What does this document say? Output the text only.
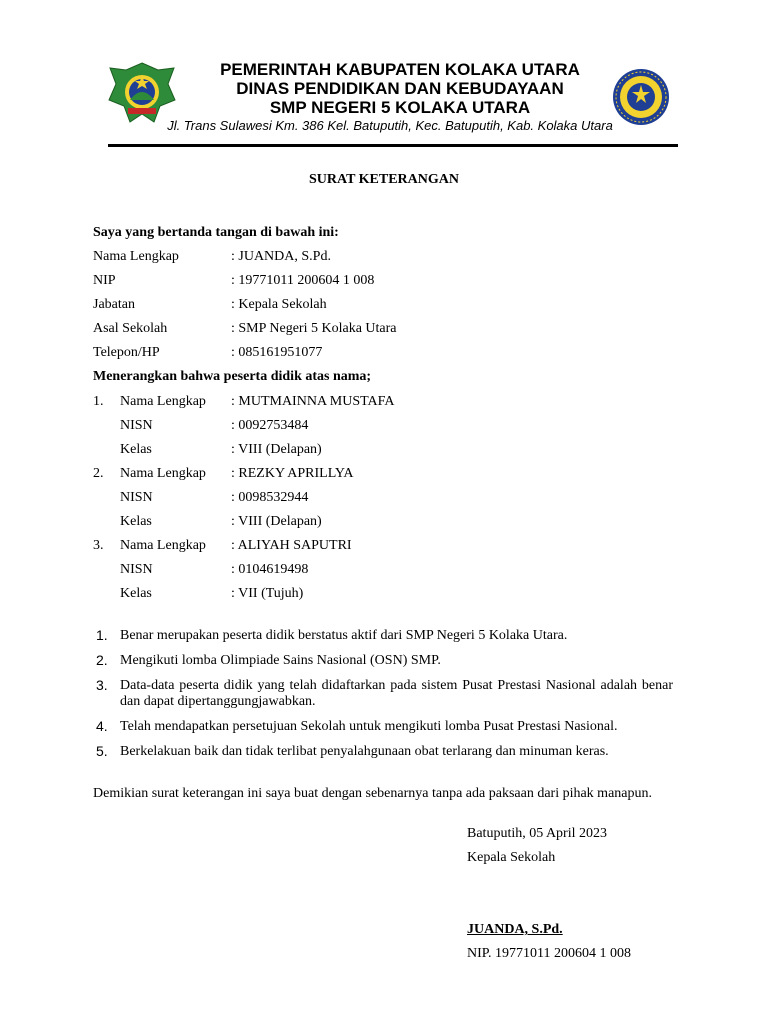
PEMERINTAH KABUPATEN KOLAKA UTARA
DINAS PENDIDIKAN DAN KEBUDAYAAN
SMP NEGERI 5 KOLAKA UTARA
Jl. Trans Sulawesi Km. 386 Kel. Batuputih, Kec. Batuputih, Kab. Kolaka Utara
SURAT KETERANGAN
Saya yang bertanda tangan di bawah ini:
Nama Lengkap	: JUANDA, S.Pd.
NIP	: 19771011 200604 1 008
Jabatan	: Kepala Sekolah
Asal Sekolah	: SMP Negeri 5 Kolaka Utara
Telepon/HP	: 085161951077
Menerangkan bahwa peserta didik atas nama;
1. Nama Lengkap : MUTMAINNA MUSTAFA
NISN	: 0092753484
Kelas	: VIII (Delapan)
2. Nama Lengkap : REZKY APRILLYA
NISN	: 0098532944
Kelas	: VIII (Delapan)
3. Nama Lengkap : ALIYAH SAPUTRI
NISN	: 0104619498
Kelas	: VII (Tujuh)
1. Benar merupakan peserta didik berstatus aktif dari SMP Negeri 5 Kolaka Utara.
2. Mengikuti lomba Olimpiade Sains Nasional (OSN) SMP.
3. Data-data peserta didik yang telah didaftarkan pada sistem Pusat Prestasi Nasional adalah benar dan dapat dipertanggungjawabkan.
4. Telah mendapatkan persetujuan Sekolah untuk mengikuti lomba Pusat Prestasi Nasional.
5. Berkelakuan baik dan tidak terlibat penyalahgunaan obat terlarang dan minuman keras.
Demikian surat keterangan ini saya buat dengan sebenarnya tanpa ada paksaan dari pihak manapun.
Batuputih, 05 April 2023
Kepala Sekolah
JUANDA, S.Pd.
NIP. 19771011 200604 1 008
